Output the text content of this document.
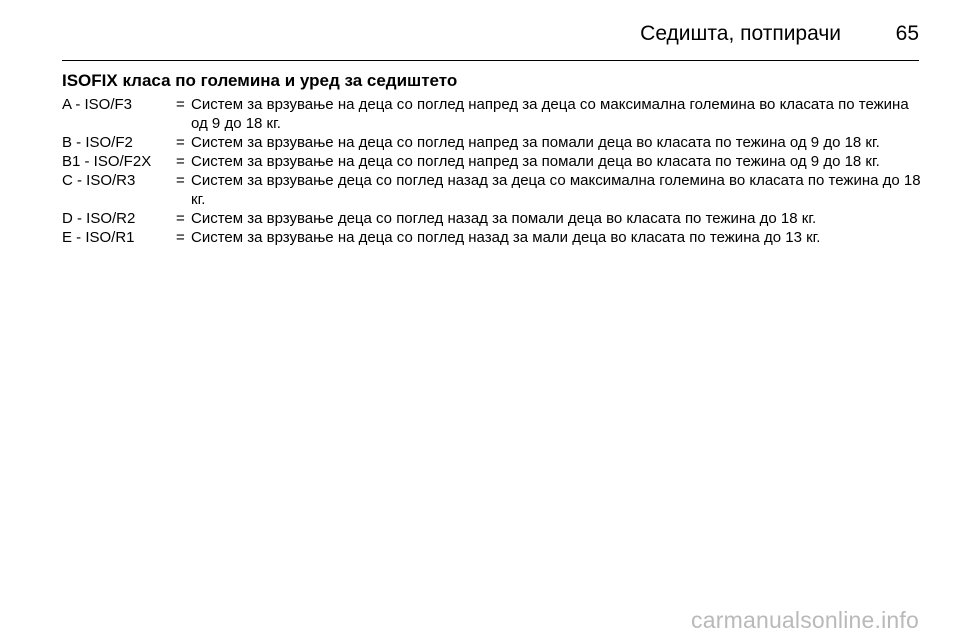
Седишта, потпирачи	65
ISOFIX класа по големина и уред за седиштето
A - ISO/F3	= Систем за врзување на деца со поглед напред за деца со максимална големина во класата по тежина од 9 до 18 кг.
B - ISO/F2	= Систем за врзување на деца со поглед напред за помали деца во класата по тежина од 9 до 18 кг.
B1 - ISO/F2X = Систем за врзување на деца со поглед напред за помали деца во класата по тежина од 9 до 18 кг.
C - ISO/R3	= Систем за врзување деца со поглед назад за деца со максимална големина во класата по тежина до 18 кг.
D - ISO/R2	= Систем за врзување деца со поглед назад за помали деца во класата по тежина до 18 кг.
E - ISO/R1	= Систем за врзување на деца со поглед назад за мали деца во класата по тежина до 13 кг.
carmanualsonline.info
